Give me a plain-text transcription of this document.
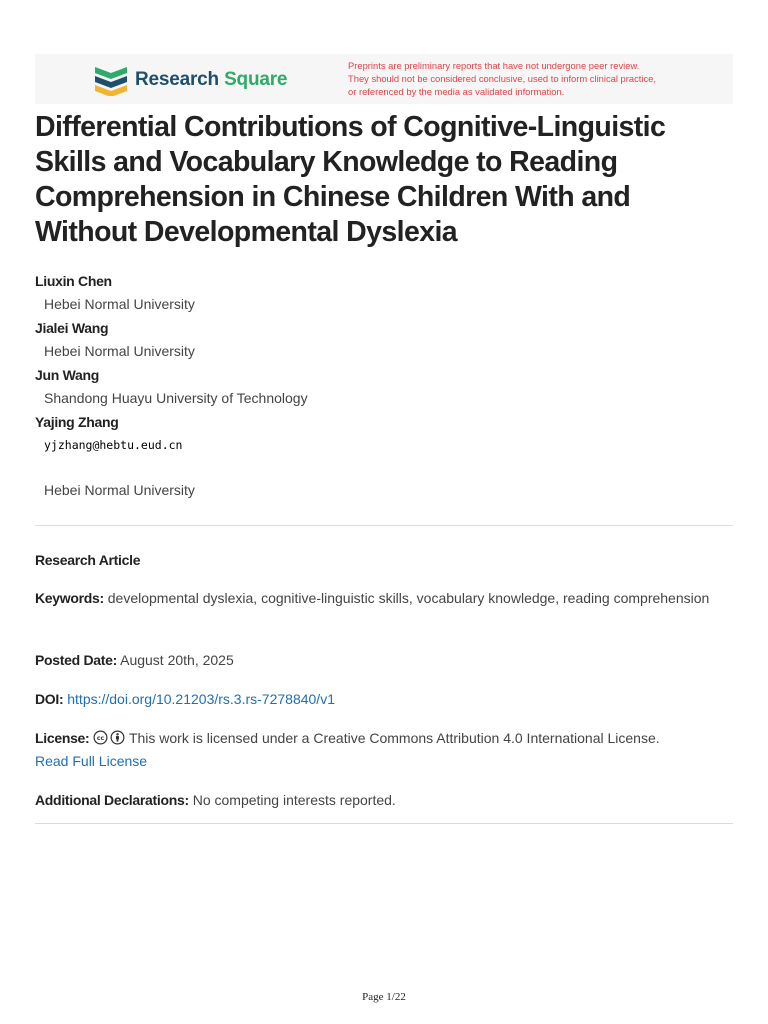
Research Square
Preprints are preliminary reports that have not undergone peer review.
They should not be considered conclusive, used to inform clinical practice,
or referenced by the media as validated information.
Differential Contributions of Cognitive-Linguistic Skills and Vocabulary Knowledge to Reading Comprehension in Chinese Children With and Without Developmental Dyslexia
Liuxin Chen
Hebei Normal University
Jialei Wang
Hebei Normal University
Jun Wang
Shandong Huayu University of Technology
Yajing Zhang
yjzhang@hebtu.eud.cn
Hebei Normal University
Research Article
Keywords: developmental dyslexia, cognitive-linguistic skills, vocabulary knowledge, reading comprehension
Posted Date: August 20th, 2025
DOI: https://doi.org/10.21203/rs.3.rs-7278840/v1
License: cc This work is licensed under a Creative Commons Attribution 4.0 International License.
Read Full License
Additional Declarations: No competing interests reported.
Page 1/22
